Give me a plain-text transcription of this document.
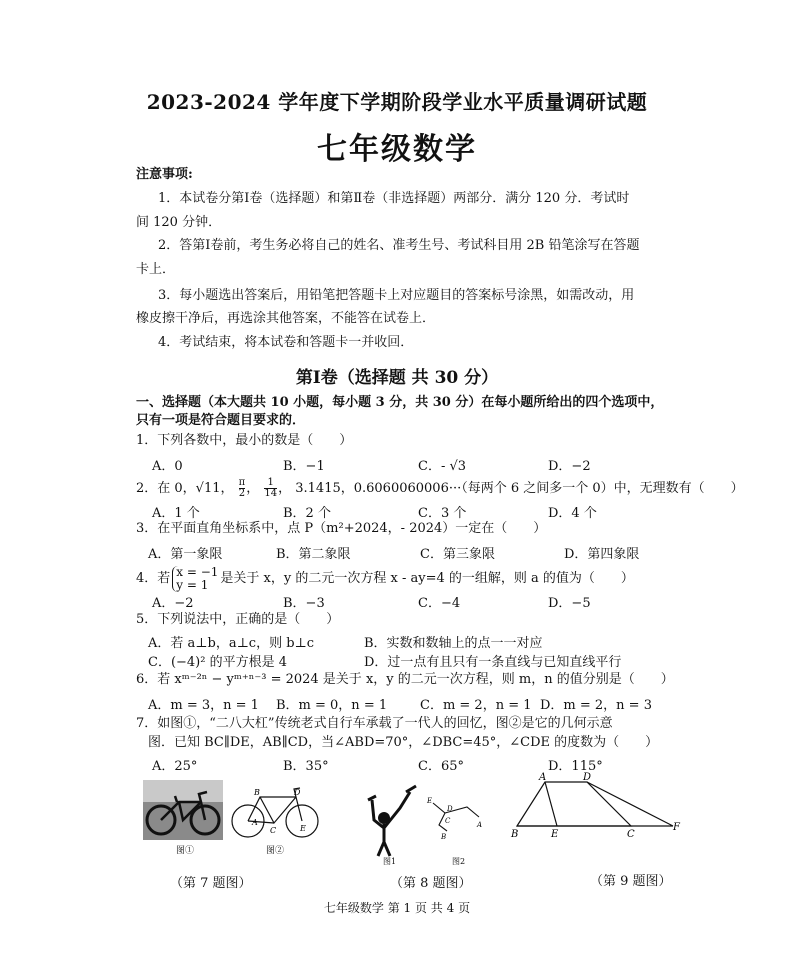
2023-2024 学年度下学期阶段学业水平质量调研试题
七年级数学
注意事项:
1．本试卷分第Ⅰ卷（选择题）和第Ⅱ卷（非选择题）两部分．满分 120 分．考试时
间 120 分钟．
2．答第Ⅰ卷前，考生务必将自己的姓名、准考生号、考试科目用 2B 铅笔涂写在答题
卡上．
3．每小题选出答案后，用铅笔把答题卡上对应题目的答案标号涂黑，如需改动，用
橡皮擦干净后，再选涂其他答案，不能答在试卷上．
4．考试结束，将本试卷和答题卡一并收回．
第Ⅰ卷（选择题 共 30 分）
一、选择题（本大题共 10 小题，每小题 3 分，共 30 分）在每小题所给出的四个选项中，
只有一项是符合题目要求的．
1．下列各数中，最小的数是（　　）
A．0	B．−1	C．- √3	D．−2
2．在 0，√11， $\frac{\pi}{2}$ ， $\frac{1}{14}$ ， 3.1415，0.6060060006···（每两个 6 之间多一个 0）中，无理数有（　　）
A．1 个	B．2 个	C．3 个	D．4 个
3．在平面直角坐标系中，点 P（m²+2024，- 2024）一定在（　　）
A．第一象限	B．第二象限	C．第三象限	D．第四象限
4．若 x = −1
y = 1 是关于 x，y 的二元一次方程 x - ay=4 的一组解，则 a 的值为（　　）
A．−2	B．−3	C．−4	D．−5
5．下列说法中，正确的是（　　）
A．若 a⊥b，a⊥c，则 b⊥c	B．实数和数轴上的点一一对应
C．(−4)² 的平方根是 4	D．过一点有且只有一条直线与已知直线平行
6．若 xᵐ⁻²ⁿ − yᵐ⁺ⁿ⁻³ = 2024 是关于 x，y 的二元一次方程，则 m，n 的值分别是（　　）
A．m = 3，n = 1 B．m = 0，n = 1	C．m = 2，n = 1 D．m = 2，n = 3
7．如图①，“二八大杠”传统老式自行车承载了一代人的回忆，图②是它的几何示意
图．已知 BC∥DE，AB∥CD，当∠ABD=70°，∠DBC=45°，∠CDE 的度数为（　　）
A．25°	B．35°	C．65°	D．115°
图①
B	D
A
C	E
图②
图1
E
D
C	A
B
图2
A	D
B	E	C
F
（第 7 题图）	（第 8 题图）	（第 9 题图）
七年级数学 第 1 页 共 4 页
